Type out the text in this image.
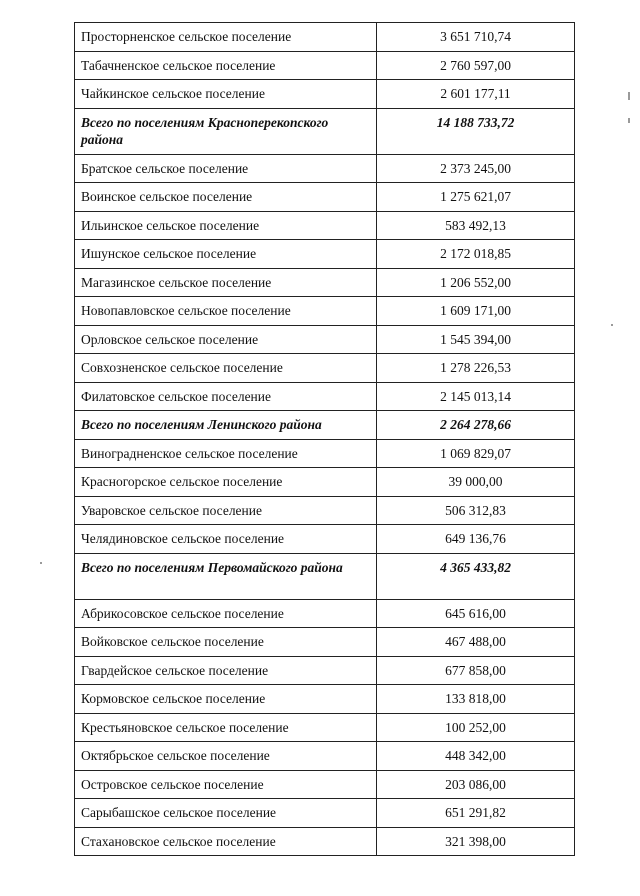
Просторненское сельское поселение	3 651 710,74
Табачненское сельское поселение	2 760 597,00
Чайкинское сельское поселение	2 601 177,11
Всего по поселениям Красноперекопского района	14 188 733,72
Братское сельское поселение	2 373 245,00
Воинское сельское поселение	1 275 621,07
Ильинское сельское поселение	583 492,13
Ишунское сельское поселение	2 172 018,85
Магазинское сельское поселение	1 206 552,00
Новопавловское сельское поселение	1 609 171,00
Орловское сельское поселение	1 545 394,00
Совхозненское сельское поселение	1 278 226,53
Филатовское сельское поселение	2 145 013,14
Всего по поселениям Ленинского района	2 264 278,66
Виноградненское сельское поселение	1 069 829,07
Красногорское сельское поселение	39 000,00
Уваровское сельское поселение	506 312,83
Челядиновское сельское поселение	649 136,76
Всего по поселениям Первомайского района	4 365 433,82
Абрикосовское сельское поселение	645 616,00
Войковское сельское поселение	467 488,00
Гвардейское сельское поселение	677 858,00
Кормовское сельское поселение	133 818,00
Крестьяновское сельское поселение	100 252,00
Октябрьское сельское поселение	448 342,00
Островское сельское поселение	203 086,00
Сарыбашское сельское поселение	651 291,82
Стахановское сельское поселение	321 398,00
